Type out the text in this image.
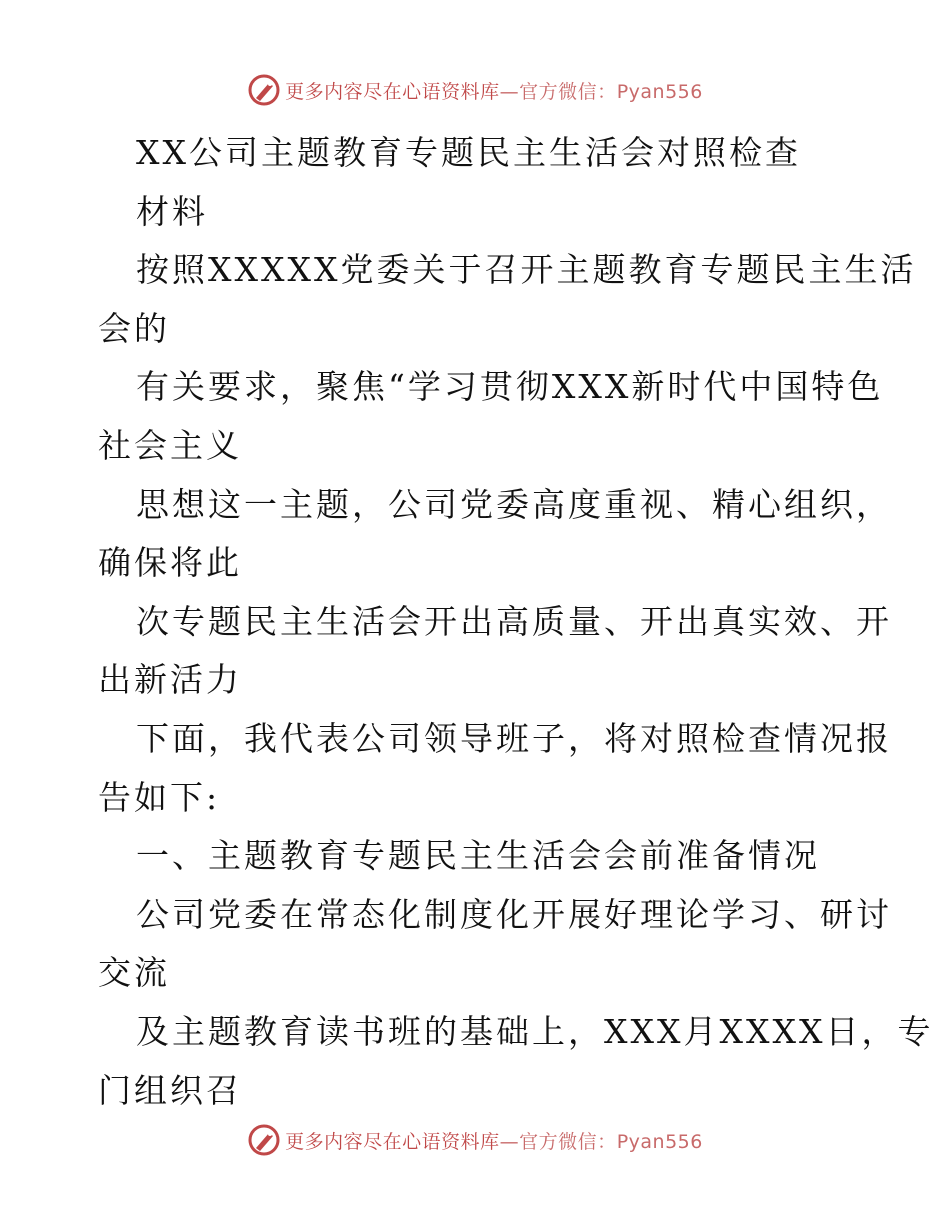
更多内容尽在心语资料库—官方微信：Pyan556
XX公司主题教育专题民主生活会对照检查
材料
按照XXXXX党委关于召开主题教育专题民主生活
会的
有关要求，聚焦“学习贯彻XXX新时代中国特色
社会主义
思想这一主题，公司党委高度重视、精心组织，
确保将此
次专题民主生活会开出高质量、开出真实效、开
出新活力
下面，我代表公司领导班子，将对照检查情况报
告如下:
一、主题教育专题民主生活会会前准备情况
公司党委在常态化制度化开展好理论学习、研讨
交流
及主题教育读书班的基础上，XXX月XXXX日，专
门组织召
更多内容尽在心语资料库—官方微信：Pyan556
